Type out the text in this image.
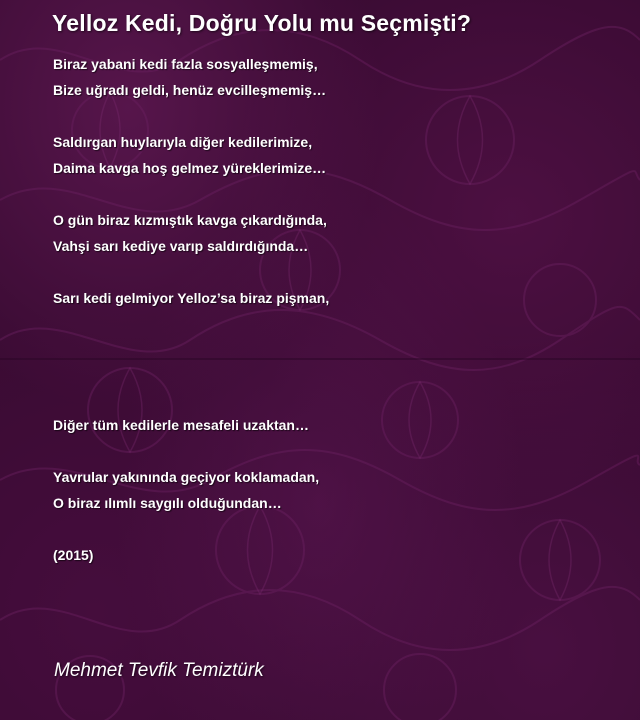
Yelloz Kedi, Doğru Yolu mu Seçmişti?
Biraz yabani kedi fazla sosyalleşmemiş,
Bize uğradı geldi, henüz evcilleşmemiş…
Saldırgan huylarıyla diğer kedilerimize,
Daima kavga hoş gelmez yüreklerimize…
O gün biraz kızmıştık kavga çıkardığında,
Vahşi sarı kediye varıp saldırdığında…
Sarı kedi gelmiyor Yelloz’sa biraz pişman,
Diğer tüm kedilerle mesafeli uzaktan…
Yavrular yakınında geçiyor koklamadan,
O biraz ılımlı saygılı olduğundan…
(2015)
Mehmet Tevfik Temiztürk
